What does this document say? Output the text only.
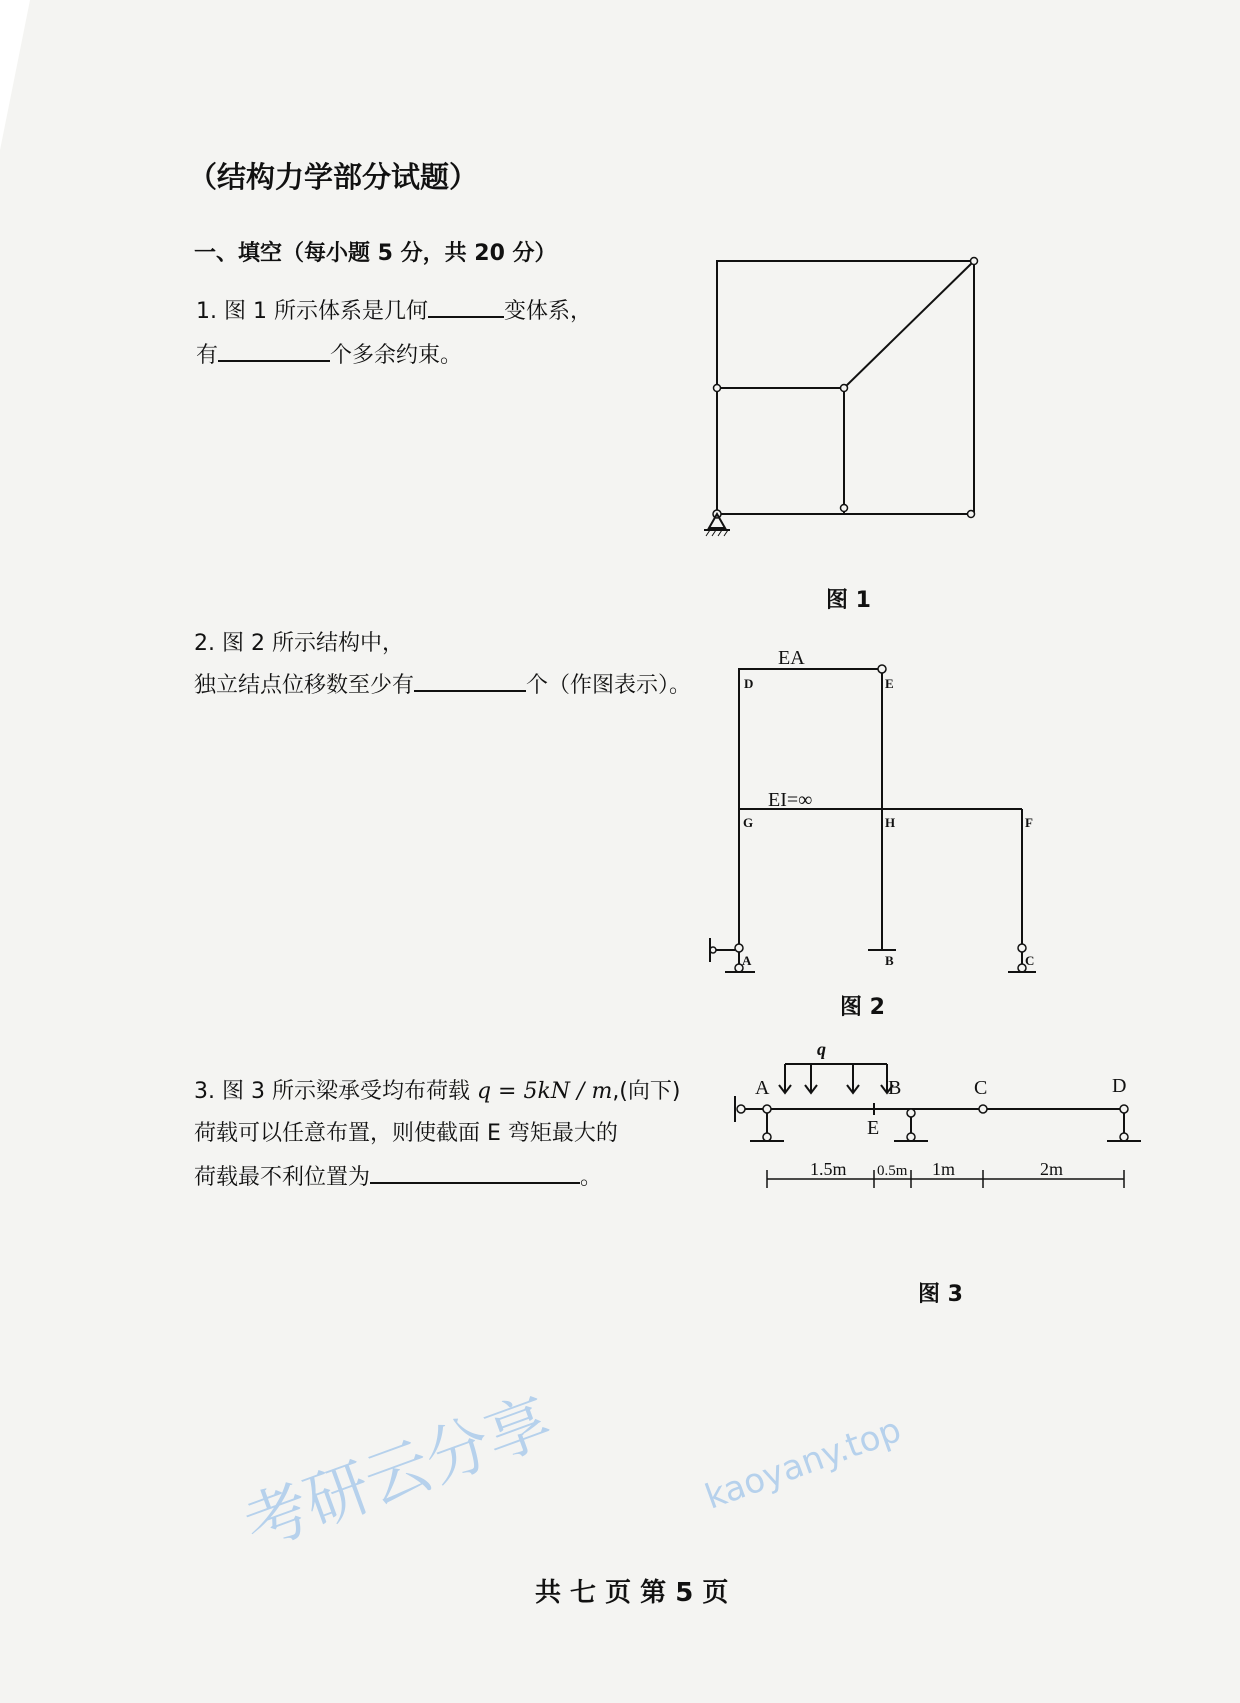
（结构力学部分试题）
一、填空（每小题 5 分，共 20 分）
1. 图 1 所示体系是几何	变体系，
有	个多余约束。
图 1
2. 图 2 所示结构中，
独立结点位移数至少有	个（作图表示）。
图 2
3. 图 3 所示梁承受均布荷载 q = 5kN / m,(向下)
荷载可以任意布置，则使截面 E 弯矩最大的
荷载最不利位置为	。
图 3
共 七 页 第 5 页
EA
EI=∞
D	E
G	H	F
A	B	C
q
A	B	C	D
E
1.5m 0.5m 1m	2m
考研云分享	kaoyany.top
